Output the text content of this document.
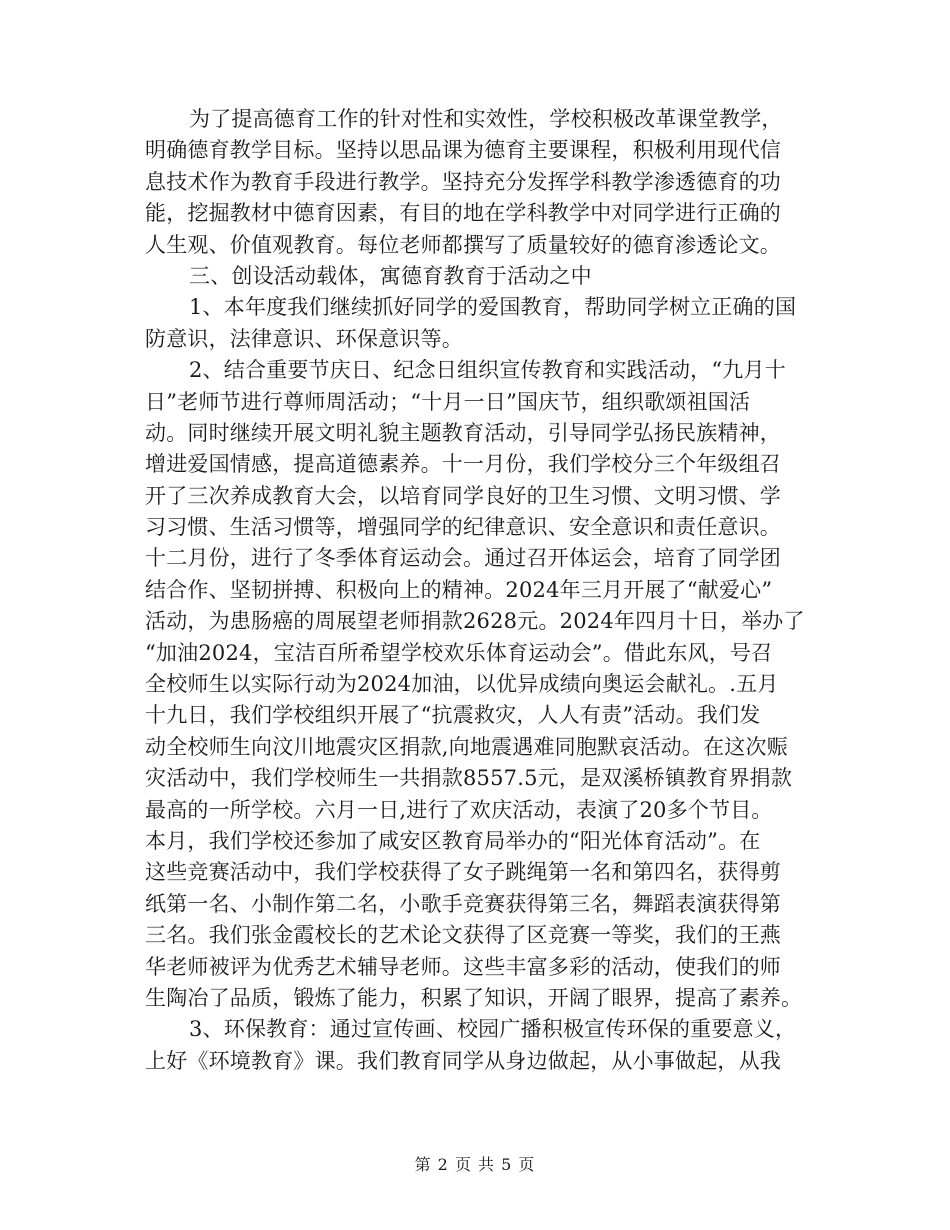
为了提高德育工作的针对性和实效性，学校积极改革课堂教学，
明确德育教学目标。坚持以思品课为德育主要课程，积极利用现代信
息技术作为教育手段进行教学。坚持充分发挥学科教学渗透德育的功
能，挖掘教材中德育因素，有目的地在学科教学中对同学进行正确的
人生观、价值观教育。每位老师都撰写了质量较好的德育渗透论文。
三、创设活动载体，寓德育教育于活动之中
1、本年度我们继续抓好同学的爱国教育，帮助同学树立正确的国
防意识，法律意识、环保意识等。
2、结合重要节庆日、纪念日组织宣传教育和实践活动，“九月十
日”老师节进行尊师周活动；“十月一日”国庆节，组织歌颂祖国活
动。同时继续开展文明礼貌主题教育活动，引导同学弘扬民族精神，
增进爱国情感，提高道德素养。十一月份，我们学校分三个年级组召
开了三次养成教育大会，以培育同学良好的卫生习惯、文明习惯、学
习习惯、生活习惯等，增强同学的纪律意识、安全意识和责任意识。
十二月份，进行了冬季体育运动会。通过召开体运会，培育了同学团
结合作、坚韧拼搏、积极向上的精神。2024年三月开展了“献爱心”
活动，为患肠癌的周展望老师捐款2628元。2024年四月十日，举办了
“加油2024，宝洁百所希望学校欢乐体育运动会”。借此东风，号召
全校师生以实际行动为2024加油，以优异成绩向奥运会献礼。.五月
十九日，我们学校组织开展了“抗震救灾，人人有责”活动。我们发
动全校师生向汶川地震灾区捐款,向地震遇难同胞默哀活动。在这次赈
灾活动中，我们学校师生一共捐款8557.5元，是双溪桥镇教育界捐款
最高的一所学校。六月一日,进行了欢庆活动，表演了20多个节目。
本月，我们学校还参加了咸安区教育局举办的“阳光体育活动”。在
这些竞赛活动中，我们学校获得了女子跳绳第一名和第四名，获得剪
纸第一名、小制作第二名，小歌手竞赛获得第三名，舞蹈表演获得第
三名。我们张金霞校长的艺术论文获得了区竞赛一等奖，我们的王燕
华老师被评为优秀艺术辅导老师。这些丰富多彩的活动，使我们的师
生陶冶了品质，锻炼了能力，积累了知识，开阔了眼界，提高了素养。
3、环保教育：通过宣传画、校园广播积极宣传环保的重要意义，
上好《环境教育》课。我们教育同学从身边做起，从小事做起，从我
第 2 页 共 5 页
